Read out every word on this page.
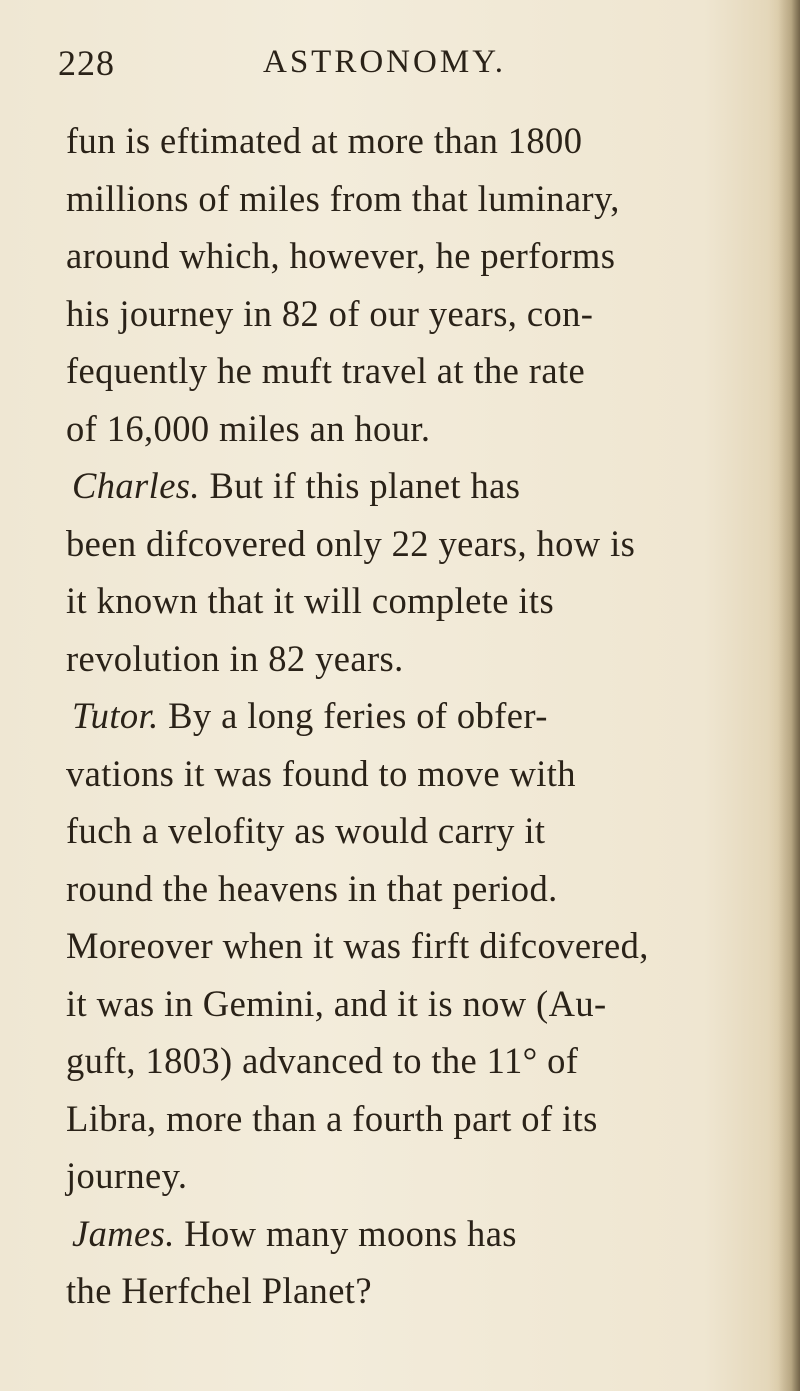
228	ASTRONOMY.
fun is eftimated at more than 1800
millions of miles from that luminary,
around which, however, he performs
his journey in 82 of our years, con-
fequently he muft travel at the rate
of 16,000 miles an hour.
Charles. But if this planet has
been difcovered only 22 years, how is
it known that it will complete its
revolution in 82 years.
Tutor. By a long feries of obfer-
vations it was found to move with
fuch a velofity as would carry it
round the heavens in that period.
Moreover when it was firft difcovered,
it was in Gemini, and it is now (Au-
guft, 1803) advanced to the 11° of
Libra, more than a fourth part of its
journey.
James. How many moons has
the Herfchel Planet?
